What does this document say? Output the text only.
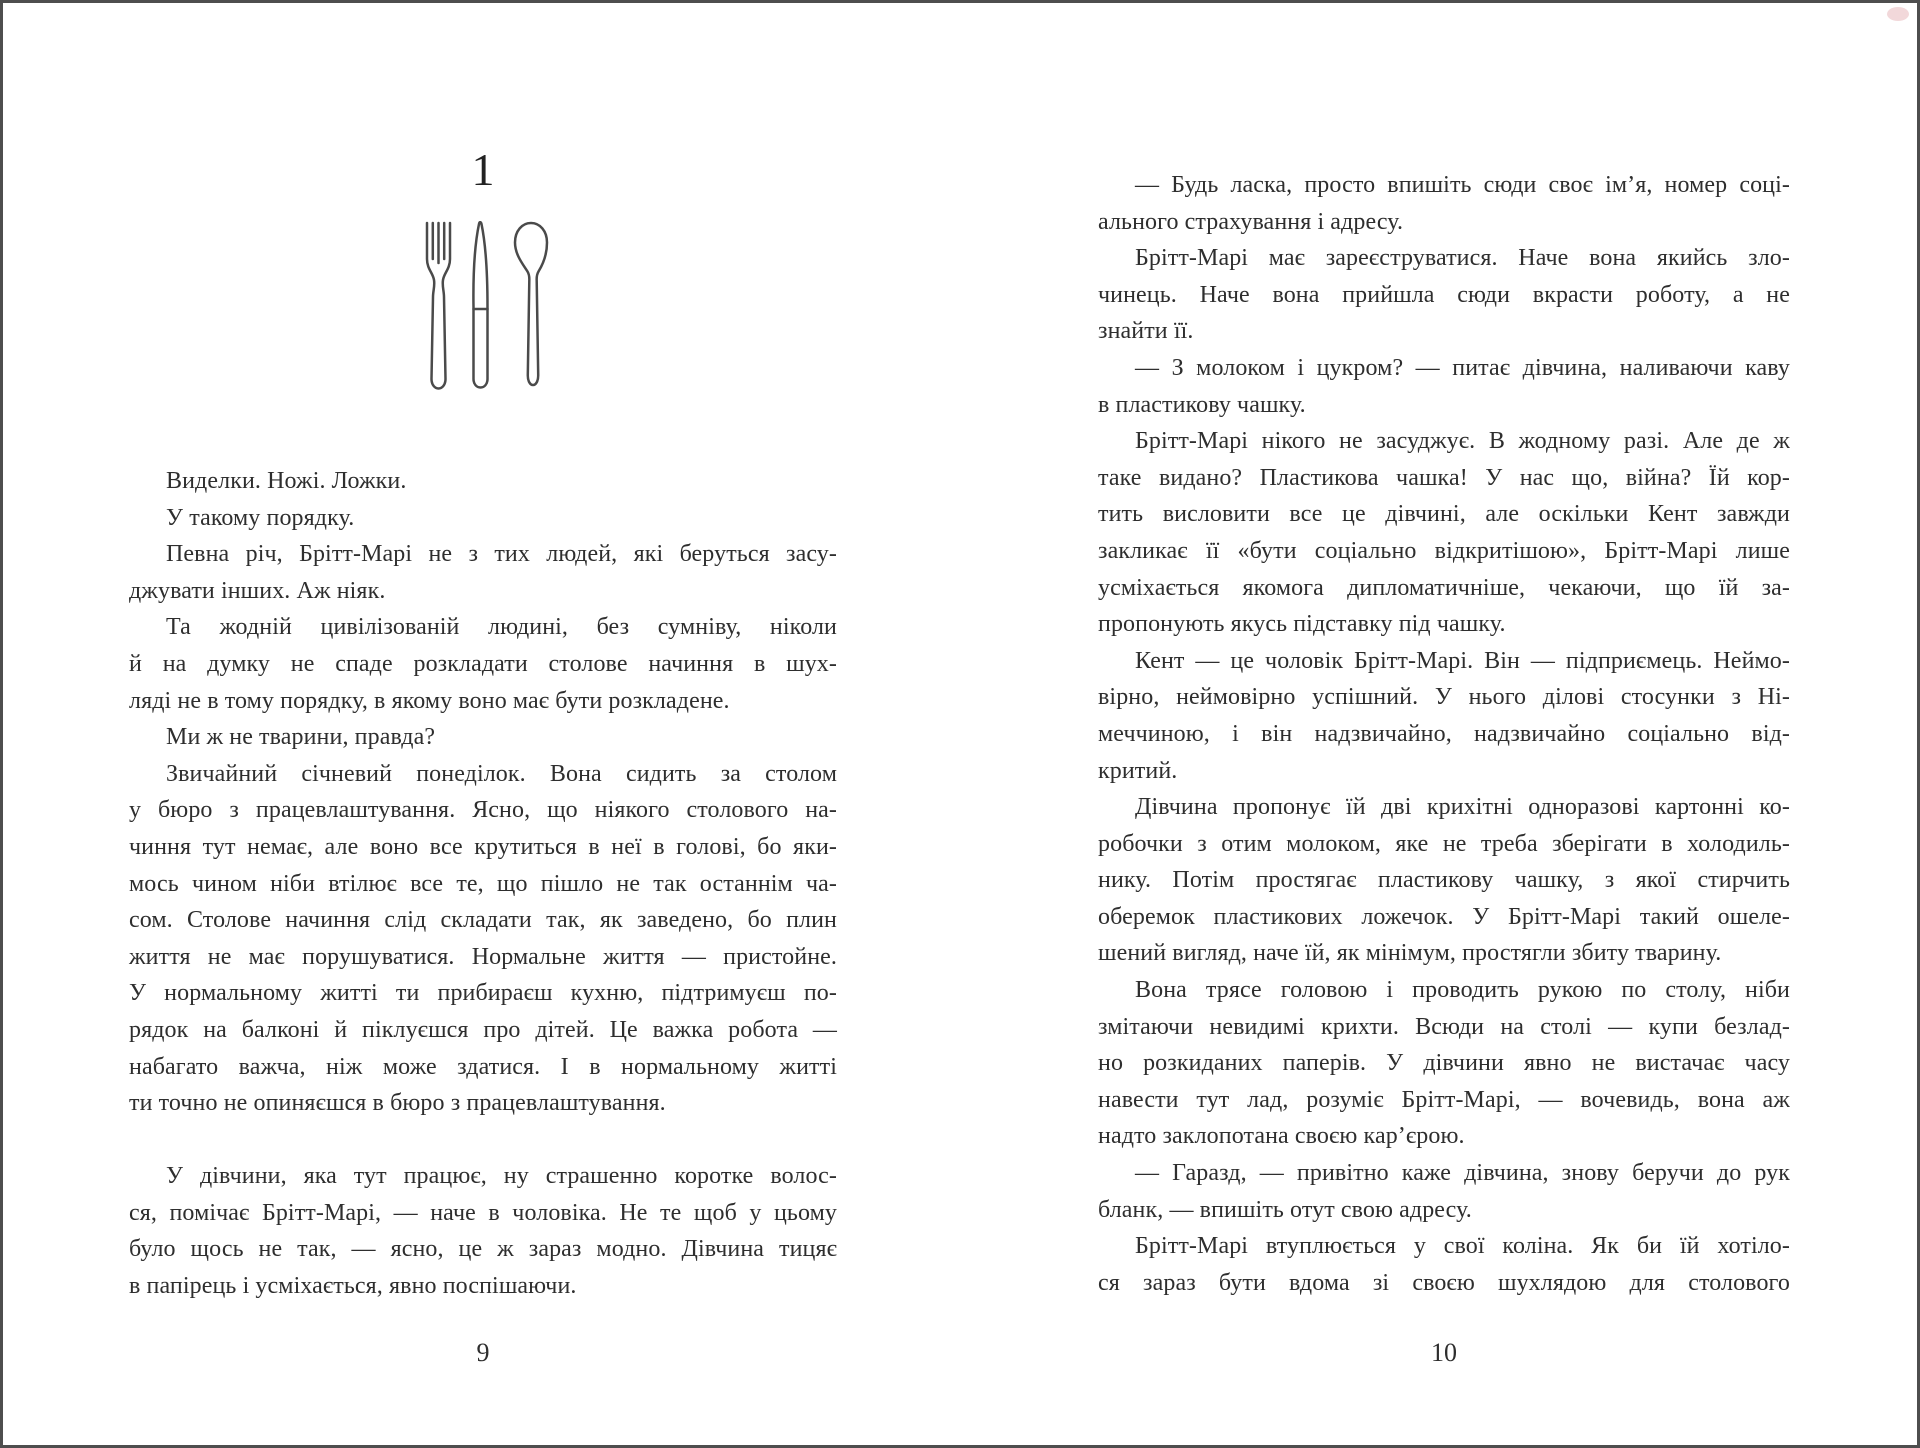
1
Виделки. Ножі. Ложки.
У такому порядку.
Певна річ, Брітт-Марі не з тих людей, які беруться засу-
джувати інших. Аж ніяк.
Та жодній цивілізованій людині, без сумніву, ніколи
й на думку не спаде розкладати столове начиння в шух-
ляді не в тому порядку, в якому воно має бути розкладене.
Ми ж не тварини, правда?
Звичайний січневий понеділок. Вона сидить за столом
у бюро з працевлаштування. Ясно, що ніякого столового на-
чиння тут немає, але воно все крутиться в неї в голові, бо яки-
мось чином ніби втілює все те, що пішло не так останнім ча-
сом. Столове начиння слід складати так, як заведено, бо плин
життя не має порушуватися. Нормальне життя — пристойне.
У нормальному житті ти прибираєш кухню, підтримуєш по-
рядок на балконі й піклуєшся про дітей. Це важка робота —
набагато важча, ніж може здатися. І в нормальному житті
ти точно не опиняєшся в бюро з працевлаштування.
У дівчини, яка тут працює, ну страшенно коротке волос-
ся, помічає Брітт-Марі, — наче в чоловіка. Не те щоб у цьому
було щось не так, — ясно, це ж зараз модно. Дівчина тицяє
в папірець і усміхається, явно поспішаючи.
— Будь ласка, просто впишіть сюди своє ім’я, номер соці-
ального страхування і адресу.
Брітт-Марі має зареєструватися. Наче вона якийсь зло-
чинець. Наче вона прийшла сюди вкрасти роботу, а не
знайти її.
— З молоком і цукром? — питає дівчина, наливаючи каву
в пластикову чашку.
Брітт-Марі нікого не засуджує. В жодному разі. Але де ж
таке видано? Пластикова чашка! У нас що, війна? Їй кор-
тить висловити все це дівчині, але оскільки Кент завжди
закликає її «бути соціально відкритішою», Брітт-Марі лише
усміхається якомога дипломатичніше, чекаючи, що їй за-
пропонують якусь підставку під чашку.
Кент — це чоловік Брітт-Марі. Він — підприємець. Неймо-
вірно, неймовірно успішний. У нього ділові стосунки з Ні-
меччиною, і він надзвичайно, надзвичайно соціально від-
критий.
Дівчина пропонує їй дві крихітні одноразові картонні ко-
робочки з отим молоком, яке не треба зберігати в холодиль-
нику. Потім простягає пластикову чашку, з якої стирчить
оберемок пластикових ложечок. У Брітт-Марі такий ошеле-
шений вигляд, наче їй, як мінімум, простягли збиту тварину.
Вона трясе головою і проводить рукою по столу, ніби
змітаючи невидимі крихти. Всюди на столі — купи безлад-
но розкиданих паперів. У дівчини явно не вистачає часу
навести тут лад, розуміє Брітт-Марі, — вочевидь, вона аж
надто заклопотана своєю кар’єрою.
— Гаразд, — привітно каже дівчина, знову беручи до рук
бланк, — впишіть отут свою адресу.
Брітт-Марі втуплюється у свої коліна. Як би їй хотіло-
ся зараз бути вдома зі своєю шухлядою для столового
9	10
